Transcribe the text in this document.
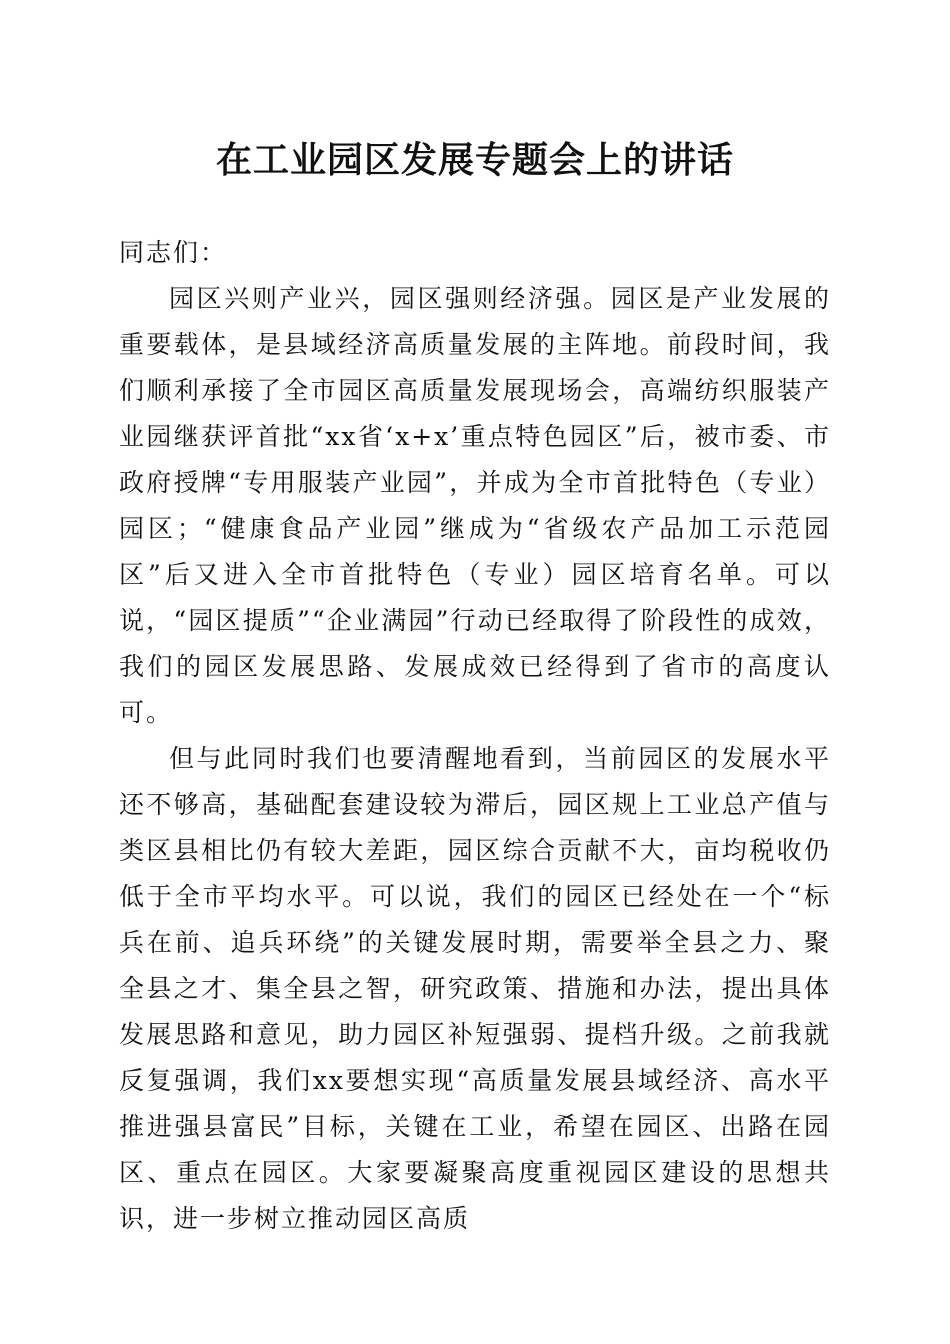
在工业园区发展专题会上的讲话

同志们：

园区兴则产业兴，园区强则经济强。园区是产业发展的重要载体，是县域经济高质量发展的主阵地。前段时间，我们顺利承接了全市园区高质量发展现场会，高端纺织服装产业园继获评首批“xx省‘x+x’重点特色园区”后，被市委、市政府授牌“专用服装产业园”，并成为全市首批特色（专业）园区；“健康食品产业园”继成为“省级农产品加工示范园区”后又进入全市首批特色（专业）园区培育名单。可以说，“园区提质”“企业满园”行动已经取得了阶段性的成效，我们的园区发展思路、发展成效已经得到了省市的高度认可。

但与此同时我们也要清醒地看到，当前园区的发展水平还不够高，基础配套建设较为滞后，园区规上工业总产值与类区县相比仍有较大差距，园区综合贡献不大，亩均税收仍低于全市平均水平。可以说，我们的园区已经处在一个“标兵在前、追兵环绕”的关键发展时期，需要举全县之力、聚全县之才、集全县之智，研究政策、措施和办法，提出具体发展思路和意见，助力园区补短强弱、提档升级。之前我就反复强调，我们xx要想实现“高质量发展县域经济、高水平推进强县富民”目标，关键在工业，希望在园区、出路在园区、重点在园区。大家要凝聚高度重视园区建设的思想共识，进一步树立推动园区高质
